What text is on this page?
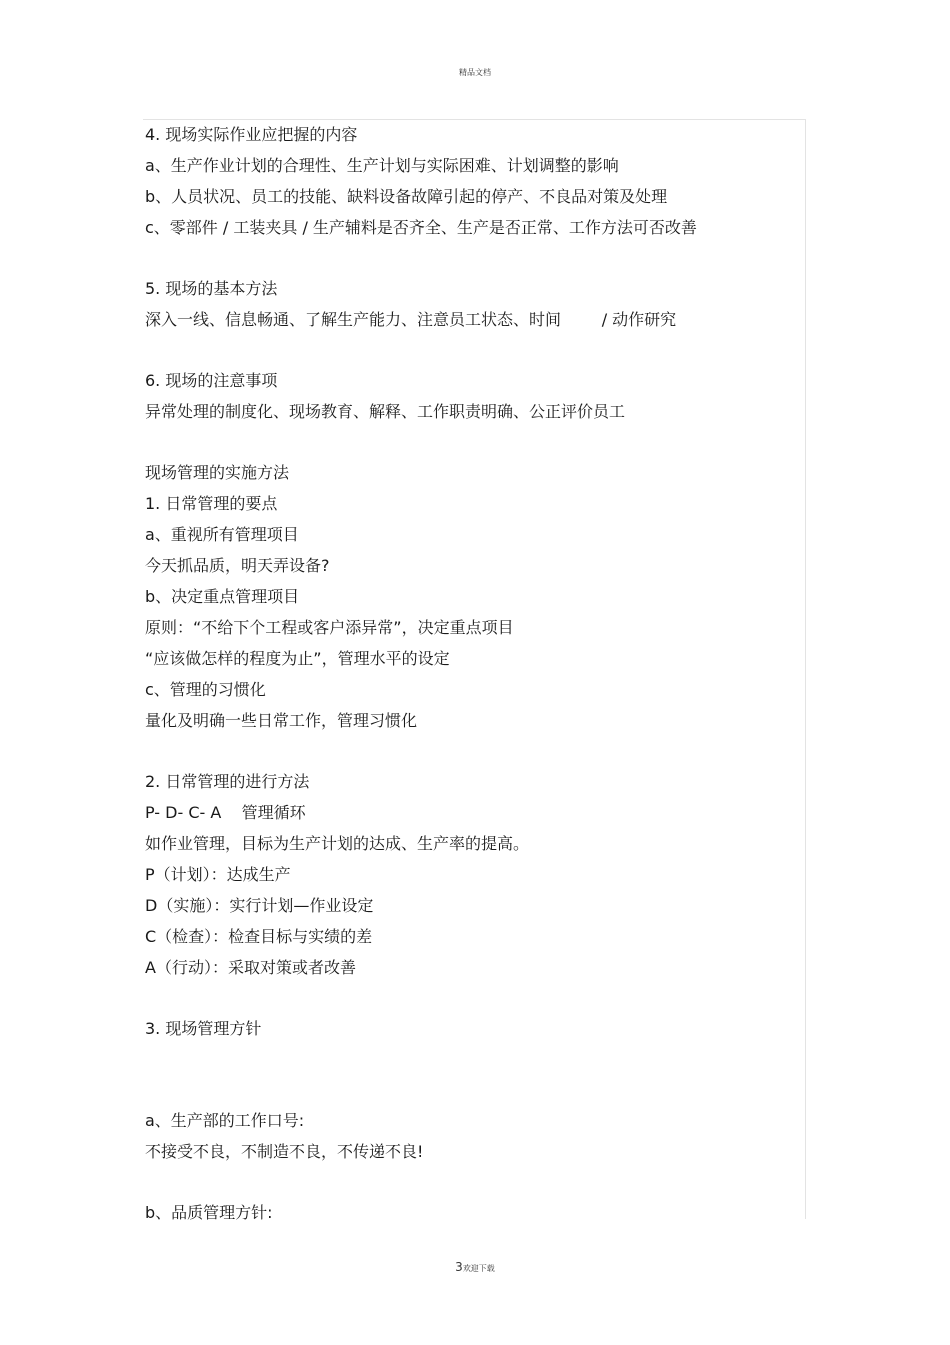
精品文档
4. 现场实际作业应把握的内容
a、生产作业计划的合理性、生产计划与实际困难、计划调整的影响
b、人员状况、员工的技能、缺料设备故障引起的停产、不良品对策及处理
c、零部件 / 工装夹具 / 生产辅料是否齐全、生产是否正常、工作方法可否改善
5. 现场的基本方法
深入一线、信息畅通、了解生产能力、注意员工状态、时间        / 动作研究
6. 现场的注意事项
异常处理的制度化、现场教育、解释、工作职责明确、公正评价员工
现场管理的实施方法
1. 日常管理的要点
a、重视所有管理项目
今天抓品质，明天弄设备?
b、决定重点管理项目
原则：“不给下个工程或客户添异常”，决定重点项目
“应该做怎样的程度为止”，管理水平的设定
c、管理的习惯化
量化及明确一些日常工作，管理习惯化
2. 日常管理的进行方法
P- D- C- A    管理循环
如作业管理，目标为生产计划的达成、生产率的提高。
P（计划）：达成生产
D（实施）：实行计划—作业设定
C（检查）：检查目标与实绩的差
A（行动）：采取对策或者改善
3. 现场管理方针
a、生产部的工作口号:
不接受不良，不制造不良，不传递不良!
b、品质管理方针:
3欢迎下载
